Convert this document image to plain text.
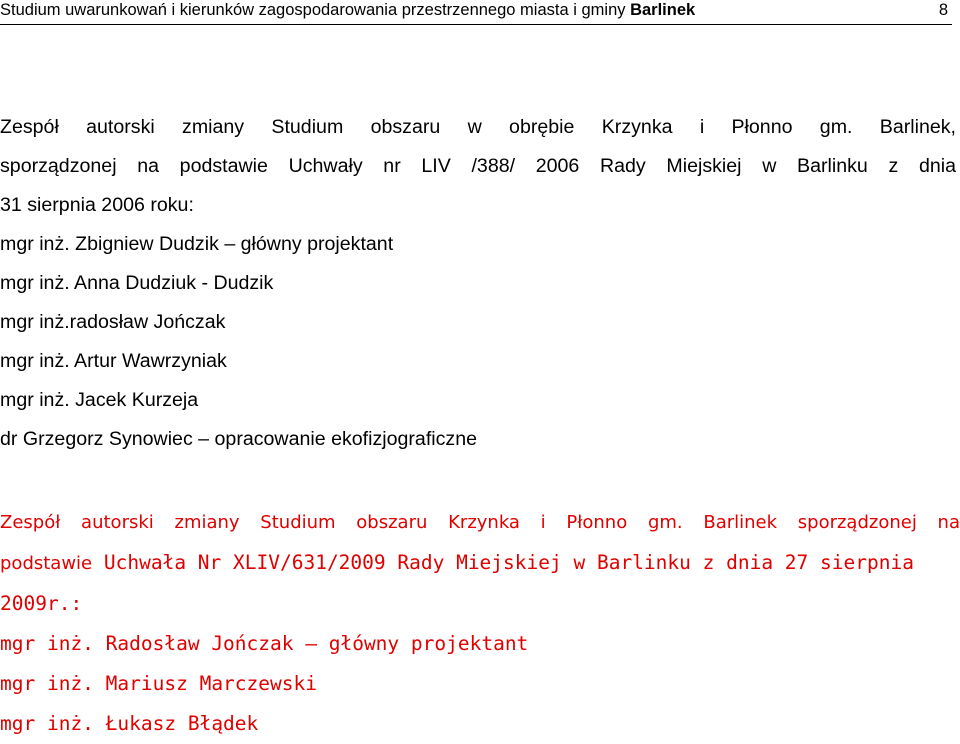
Studium uwarunkowań i kierunków zagospodarowania przestrzennego miasta i gminy Barlinek	8
Zespół autorski zmiany Studium obszaru w obrębie Krzynka i Płonno gm. Barlinek,
sporządzonej na podstawie Uchwały nr LIV /388/ 2006 Rady Miejskiej w Barlinku z dnia
31 sierpnia 2006 roku:
mgr inż. Zbigniew Dudzik – główny projektant
mgr inż. Anna Dudziuk - Dudzik
mgr inż.radosław Jończak
mgr inż. Artur Wawrzyniak
mgr inż. Jacek Kurzeja
dr Grzegorz Synowiec – opracowanie ekofizjograficzne
Zespół autorski zmiany Studium obszaru Krzynka i Płonno gm. Barlinek sporządzonej na
podstawie Uchwała Nr XLIV/631/2009 Rady Miejskiej w Barlinku z dnia 27 sierpnia
2009r.:
mgr inż. Radosław Jończak – główny projektant
mgr inż. Mariusz Marczewski
mgr inż. Łukasz Błądek
